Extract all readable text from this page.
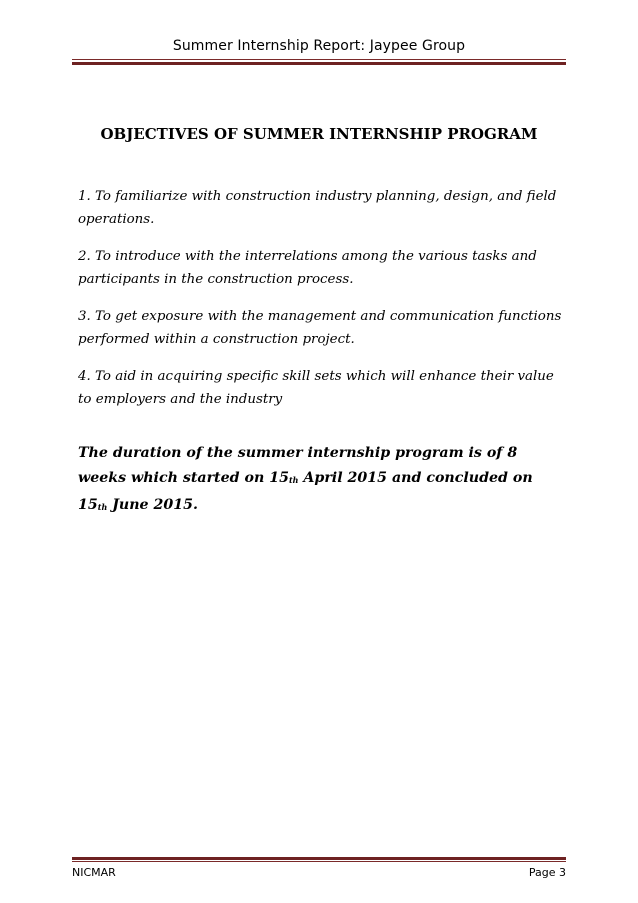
Summer Internship Report: Jaypee Group
OBJECTIVES OF SUMMER INTERNSHIP PROGRAM

1. To familiarize with construction industry planning, design, and field operations.

2. To introduce with the interrelations among the various tasks and participants in the construction process.

3. To get exposure with the management and communication functions performed within a construction project.

4. To aid in acquiring specific skill sets which will enhance their value to employers and the industry

The duration of the summer internship program is of 8 weeks which started on 15th April 2015 and concluded on 15th June 2015.
NICMAR	Page 3
